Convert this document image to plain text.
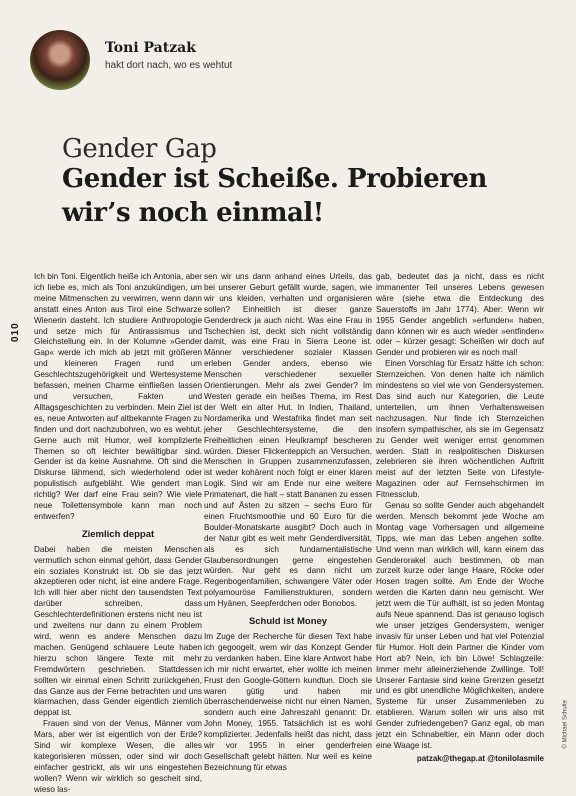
Toni Patzak
hakt dort nach, wo es wehtut
Gender Gap
Gender ist Scheiße. Probieren wir’s noch einmal!
010
© Michael Schulte

Ich bin Toni. Eigentlich heiße ich Antonia, aber ich liebe es, mich als Toni anzukündigen, um meine Mitmenschen zu verwirren, wenn dann anstatt eines Anton aus Tirol eine Schwarze Wienerin dasteht. Ich studiere Anthropologie und setze mich für Antirassismus und Gleichstellung ein. In der Kolumne »Gender Gap« werde ich mich ab jetzt mit größeren und kleineren Fragen rund um Geschlechtszugehörigkeit und Wertesysteme befassen, meinen Charme einfließen lassen und versuchen, Fakten und Alltagsgeschichten zu verbinden. Mein Ziel ist es, neue Antworten auf altbekannte Fragen zu finden und dort nachzubohren, wo es wehtut. Gerne auch mit Humor, weil komplizierte Themen so oft leichter bewältigbar sind. Gender ist da keine Ausnahme. Oft sind die Diskurse lähmend, sich wiederholend oder populistisch aufgebläht. Wie gendert man richtig? Wer darf eine Frau sein? Wie viele neue Toilettensymbole kann man noch entwerfen?

Ziemlich deppat

Dabei haben die meisten Menschen vermutlich schon einmal gehört, dass Gender ein soziales Konstrukt ist. Ob sie das jetzt akzeptieren oder nicht, ist eine andere Frage. Ich will hier aber nicht den tausendsten Text darüber schreiben, dass Geschlechterdefinitionen erstens nicht neu ist und zweitens nur dann zu einem Problem wird, wenn es andere Menschen dazu machen. Genügend schlauere Leute haben hierzu schon längere Texte mit mehr Fremdwörtern geschrieben. Stattdessen sollten wir einmal einen Schritt zurückgehen, das Ganze aus der Ferne betrachten und uns klarmachen, dass Gender eigentlich ziemlich deppat ist.

Frauen sind von der Venus, Männer vom Mars, aber wer ist eigentlich von der Erde? Sind wir komplexe Wesen, die alles kategorisieren müssen, oder sind wir doch einfacher gestrickt, als wir uns eingestehen wollen? Wenn wir wirklich so gescheit sind, wieso las-

sen wir uns dann anhand eines Urteils, das bei unserer Geburt gefällt wurde, sagen, wie wir uns kleiden, verhalten und organisieren sollen? Einheitlich ist dieser ganze Genderdreck ja auch nicht. Was eine Frau in Tschechien ist, deckt sich nicht vollständig damit, was eine Frau in Sierra Leone ist. Männer verschiedener sozialer Klassen erleben Gender anders, ebenso wie Menschen verschiedener sexueller Orientierungen. Mehr als zwei Gender? Im Westen gerade ein heißes Thema, im Rest der Welt ein alter Hut. In Indien, Thailand, Nordamerika und Westafrika findet man seit jeher Geschlechtersysteme, die den Freiheitlichen einen Heulkrampf bescheren würden. Dieser Flickenteppich an Versuchen, Menschen in Gruppen zusammenzufassen, ist weder kohärent noch folgt er einer klaren Logik. Sind wir am Ende nur eine weitere Primatenart, die halt – statt Bananen zu essen und auf Ästen zu sitzen – sechs Euro für einen Fruchtsmoothie und 60 Euro für die Boulder-Monatskarte ausgibt? Doch auch in der Natur gibt es weit mehr Genderdiversität, als es sich fundamentalistische Glaubensordnungen gerne eingestehen würden. Nur geht es dann nicht um Regenbogenfamilien, schwangere Väter oder polyamouröse Familienstrukturen, sondern um Hyänen, Seepferdchen oder Bonobos.

Schuld ist Money

Im Zuge der Recherche für diesen Text habe ich gegoogelt, wem wir das Konzept Gender zu verdanken haben. Eine klare Antwort habe ich mir nicht erwartet, eher wollte ich meinen Frust den Google-Göttern kundtun. Doch sie waren gütig und haben mir überraschenderweise nicht nur einen Namen, sondern auch eine Jahreszahl genannt: Dr. John Money, 1955. Tatsächlich ist es wohl komplizierter. Jedenfalls heißt das nicht, dass wir vor 1955 in einer genderfreien Gesellschaft gelebt hätten. Nur weil es keine Bezeichnung für etwas

gab, bedeutet das ja nicht, dass es nicht immanenter Teil unseres Lebens gewesen wäre (siehe etwa die Entdeckung des Sauerstoffs im Jahr 1774). Aber: Wenn wir 1955 Gender angeblich »erfunden« haben, dann können wir es auch wieder »entfinden« oder – kürzer gesagt: Scheißen wir doch auf Gender und probieren wir es noch mal!

Einen Vorschlag für Ersatz hätte ich schon: Sternzeichen. Von denen halte ich nämlich mindestens so viel wie von Gendersystemen. Das sind auch nur Kategorien, die Leute unterteilen, um ihnen Verhaltensweisen nachzusagen. Nur finde ich Sternzeichen insofern sympathischer, als sie im Gegensatz zu Gender weit weniger ernst genommen werden. Statt in realpolitischen Diskursen zelebrieren sie ihren wöchentlichen Auftritt meist auf der letzten Seite von Lifestyle-Magazinen oder auf Fernsehschirmen im Fitnessclub.

Genau so sollte Gender auch abgehandelt werden. Mensch bekommt jede Woche am Montag vage Vorhersagen und allgemeine Tipps, wie man das Leben angehen sollte. Und wenn man wirklich will, kann einem das Genderorakel auch bestimmen, ob man zurzeit kurze oder lange Haare, Röcke oder Hosen tragen sollte. Am Ende der Woche werden die Karten dann neu gemischt. Wer jetzt wem die Tür aufhält, ist so jeden Montag aufs Neue spannend. Das ist genauso logisch wie unser jetziges Gendersystem, weniger invasiv für unser Leben und hat viel Potenzial für Humor. Holt dein Partner die Kinder vom Hort ab? Nein, ich bin Löwe! Schlagzeile: Immer mehr alleinerziehende Zwillinge. Toll! Unserer Fantasie sind keine Grenzen gesetzt und es gibt unendliche Möglichkeiten, andere Systeme für unser Zusammenleben zu etablieren. Warum sollen wir uns also mit Gender zufriedengeben? Ganz egal, ob man jetzt ein Schnabeltier, ein Mann oder doch eine Waage ist.

patzak@thegap.at @tonilolasmile
